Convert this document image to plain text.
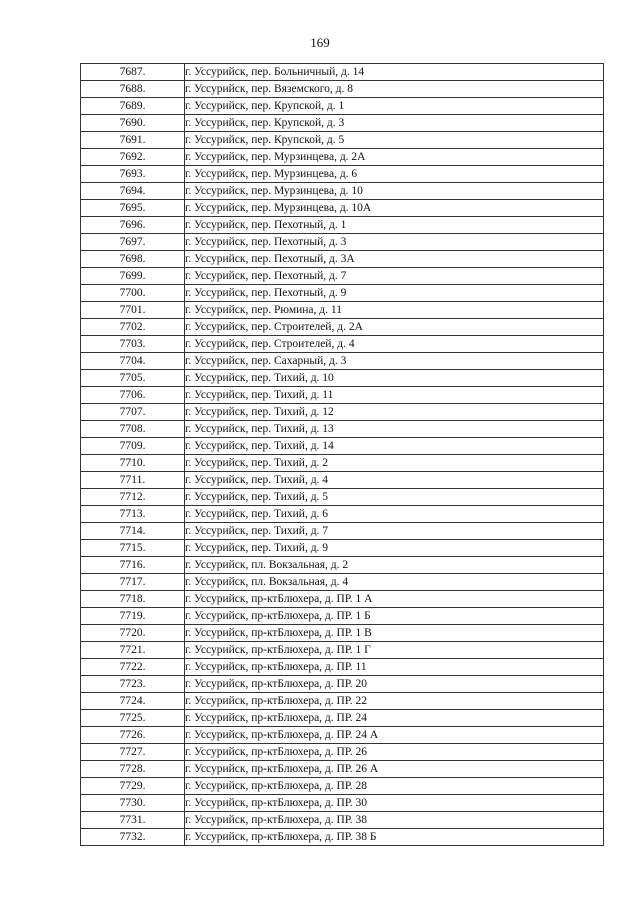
169
7687.	г. Уссурийск, пер. Больничный, д. 14
7688.	г. Уссурийск, пер. Вяземского, д. 8
7689.	г. Уссурийск, пер. Крупской, д. 1
7690.	г. Уссурийск, пер. Крупской, д. 3
7691.	г. Уссурийск, пер. Крупской, д. 5
7692.	г. Уссурийск, пер. Мурзинцева, д. 2А
7693.	г. Уссурийск, пер. Мурзинцева, д. 6
7694.	г. Уссурийск, пер. Мурзинцева, д. 10
7695.	г. Уссурийск, пер. Мурзинцева, д. 10А
7696.	г. Уссурийск, пер. Пехотный, д. 1
7697.	г. Уссурийск, пер. Пехотный, д. 3
7698.	г. Уссурийск, пер. Пехотный, д. 3А
7699.	г. Уссурийск, пер. Пехотный, д. 7
7700.	г. Уссурийск, пер. Пехотный, д. 9
7701.	г. Уссурийск, пер. Рюмина, д. 11
7702.	г. Уссурийск, пер. Строителей, д. 2А
7703.	г. Уссурийск, пер. Строителей, д. 4
7704.	г. Уссурийск, пер. Сахарный, д. 3
7705.	г. Уссурийск, пер. Тихий, д. 10
7706.	г. Уссурийск, пер. Тихий, д. 11
7707.	г. Уссурийск, пер. Тихий, д. 12
7708.	г. Уссурийск, пер. Тихий, д. 13
7709.	г. Уссурийск, пер. Тихий, д. 14
7710.	г. Уссурийск, пер. Тихий, д. 2
7711.	г. Уссурийск, пер. Тихий, д. 4
7712.	г. Уссурийск, пер. Тихий, д. 5
7713.	г. Уссурийск, пер. Тихий, д. 6
7714.	г. Уссурийск, пер. Тихий, д. 7
7715.	г. Уссурийск, пер. Тихий, д. 9
7716.	г. Уссурийск, пл. Вокзальная, д. 2
7717.	г. Уссурийск, пл. Вокзальная, д. 4
7718.	г. Уссурийск, пр-ктБлюхера, д. ПР. 1 А
7719.	г. Уссурийск, пр-ктБлюхера, д. ПР. 1 Б
7720.	г. Уссурийск, пр-ктБлюхера, д. ПР. 1 В
7721.	г. Уссурийск, пр-ктБлюхера, д. ПР. 1 Г
7722.	г. Уссурийск, пр-ктБлюхера, д. ПР. 11
7723.	г. Уссурийск, пр-ктБлюхера, д. ПР. 20
7724.	г. Уссурийск, пр-ктБлюхера, д. ПР. 22
7725.	г. Уссурийск, пр-ктБлюхера, д. ПР. 24
7726.	г. Уссурийск, пр-ктБлюхера, д. ПР. 24 А
7727.	г. Уссурийск, пр-ктБлюхера, д. ПР. 26
7728.	г. Уссурийск, пр-ктБлюхера, д. ПР. 26 А
7729.	г. Уссурийск, пр-ктБлюхера, д. ПР. 28
7730.	г. Уссурийск, пр-ктБлюхера, д. ПР. 30
7731.	г. Уссурийск, пр-ктБлюхера, д. ПР. 38
7732.	г. Уссурийск, пр-ктБлюхера, д. ПР. 38 Б
